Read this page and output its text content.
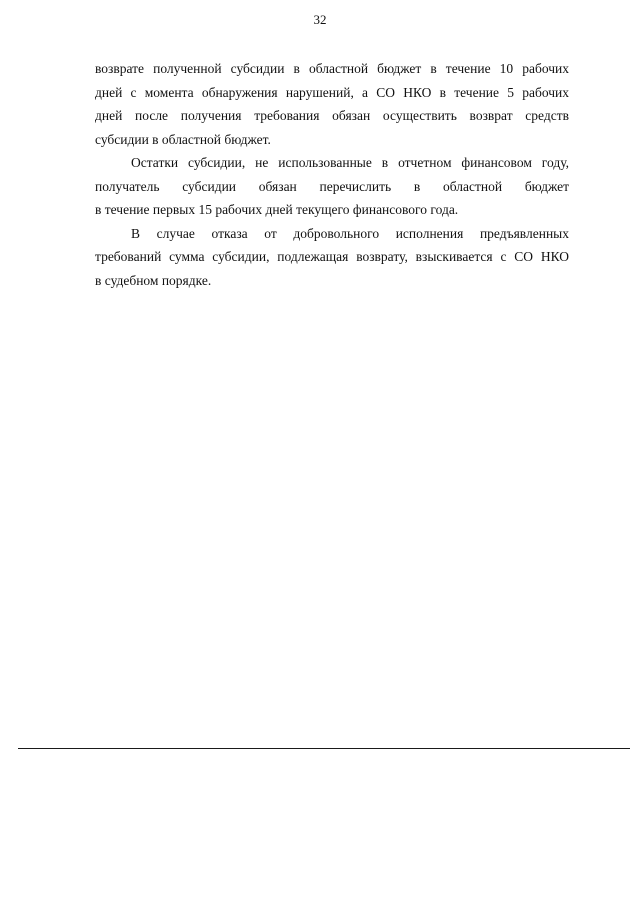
32
возврате полученной субсидии в областной бюджет в течение 10 рабочих
дней с момента обнаружения нарушений, а СО НКО в течение 5 рабочих
дней после получения требования обязан осуществить возврат средств
субсидии в областной бюджет.
Остатки субсидии, не использованные в отчетном финансовом году,
получатель субсидии обязан перечислить в областной бюджет
в течение первых 15 рабочих дней текущего финансового года.
В случае отказа от добровольного исполнения предъявленных
требований сумма субсидии, подлежащая возврату, взыскивается с СО НКО
в судебном порядке.
